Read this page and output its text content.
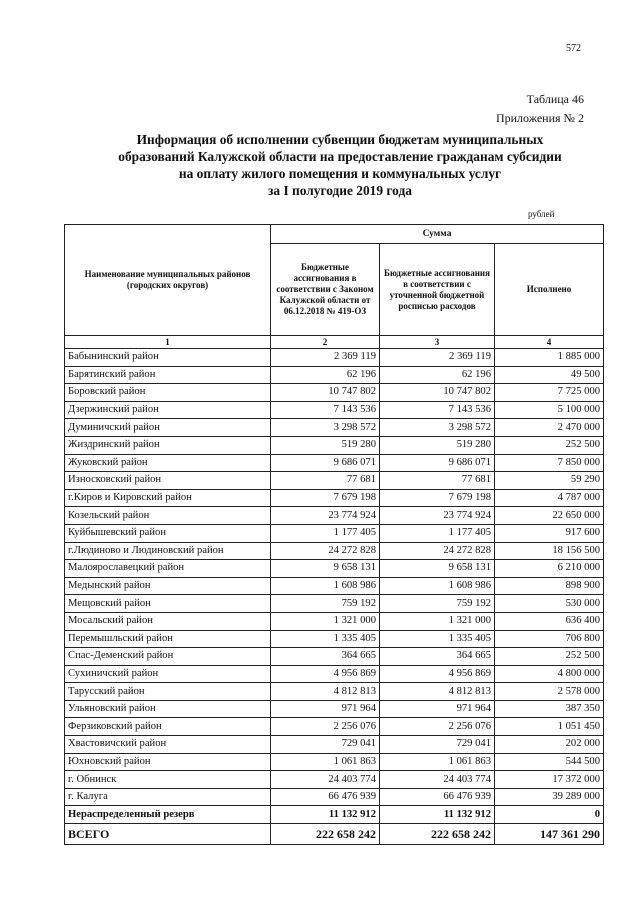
572
Таблица 46
Приложения № 2
Информация об исполнении субвенции бюджетам муниципальных
образований Калужской области на предоставление гражданам субсидии
на оплату жилого помещения и коммунальных услуг
за I полугодие 2019 года
рублей
Наименование муниципальных районов (городских округов)	Сумма		
	Бюджетные ассигнования в соответствии с Законом Калужской области от 06.12.2018 № 419-ОЗ	Бюджетные ассигнования в соответствии с уточненной бюджетной росписью расходов	Исполнено
1	2	3	4
Бабынинский район	2 369 119	2 369 119	1 885 000
Барятинский район	62 196	62 196	49 500
Боровский район	10 747 802	10 747 802	7 725 000
Дзержинский район	7 143 536	7 143 536	5 100 000
Думиничский район	3 298 572	3 298 572	2 470 000
Жиздринский район	519 280	519 280	252 500
Жуковский район	9 686 071	9 686 071	7 850 000
Износковский район	77 681	77 681	59 290
г.Киров и Кировский район	7 679 198	7 679 198	4 787 000
Козельский район	23 774 924	23 774 924	22 650 000
Куйбышевский район	1 177 405	1 177 405	917 600
г.Людиново и Людиновский район	24 272 828	24 272 828	18 156 500
Малоярославецкий район	9 658 131	9 658 131	6 210 000
Медынский район	1 608 986	1 608 986	898 900
Мещовский район	759 192	759 192	530 000
Мосальский район	1 321 000	1 321 000	636 400
Перемышльский район	1 335 405	1 335 405	706 800
Спас-Деменский район	364 665	364 665	252 500
Сухиничский район	4 956 869	4 956 869	4 800 000
Тарусский район	4 812 813	4 812 813	2 578 000
Ульяновский район	971 964	971 964	387 350
Ферзиковский район	2 256 076	2 256 076	1 051 450
Хвастовичский район	729 041	729 041	202 000
Юхновский район	1 061 863	1 061 863	544 500
г. Обнинск	24 403 774	24 403 774	17 372 000
г. Калуга	66 476 939	66 476 939	39 289 000
Нераспределенный резерв	11 132 912	11 132 912	0
ВСЕГО	222 658 242	222 658 242	147 361 290
